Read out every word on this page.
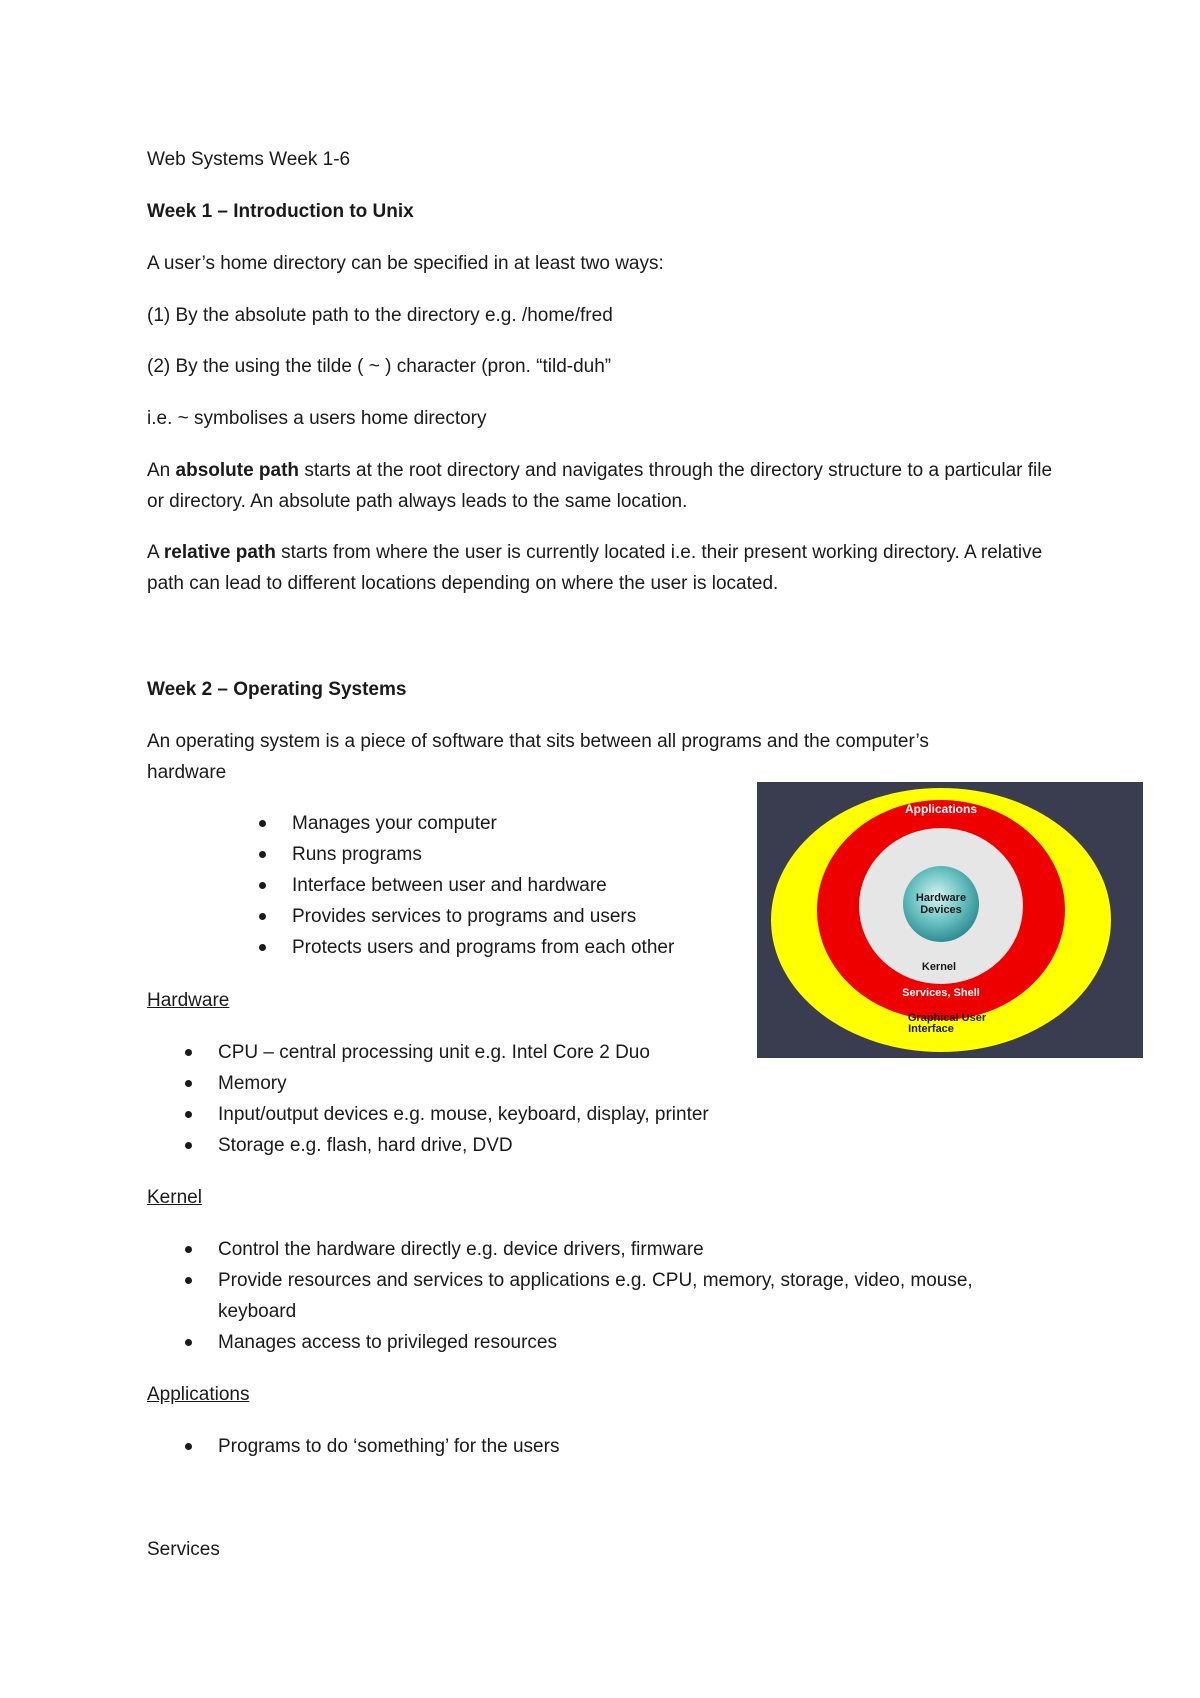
Web Systems Week 1-6
Week 1 – Introduction to Unix
A user’s home directory can be specified in at least two ways:
(1) By the absolute path to the directory e.g. /home/fred
(2) By the using the tilde ( ~ ) character (pron. “tild-duh”
i.e. ~ symbolises a users home directory
An absolute path starts at the root directory and navigates through the directory structure to a particular file or directory. An absolute path always leads to the same location.
A relative path starts from where the user is currently located i.e. their present working directory. A relative path can lead to different locations depending on where the user is located.
Week 2 – Operating Systems
An operating system is a piece of software that sits between all programs and the computer’s
hardware
Manages your computer
Runs programs
Interface between user and hardware
Provides services to programs and users
Protects users and programs from each other
Hardware
CPU – central processing unit e.g. Intel Core 2 Duo
Memory
Input/output devices e.g. mouse, keyboard, display, printer
Storage e.g. flash, hard drive, DVD
Kernel
Control the hardware directly e.g. device drivers, firmware
Provide resources and services to applications e.g. CPU, memory, storage, video, mouse, keyboard
Manages access to privileged resources
Applications
Programs to do ‘something’ for the users
Services
Applications
Hardware
Devices
Kernel
Services, Shell
Graphical User
Interface
